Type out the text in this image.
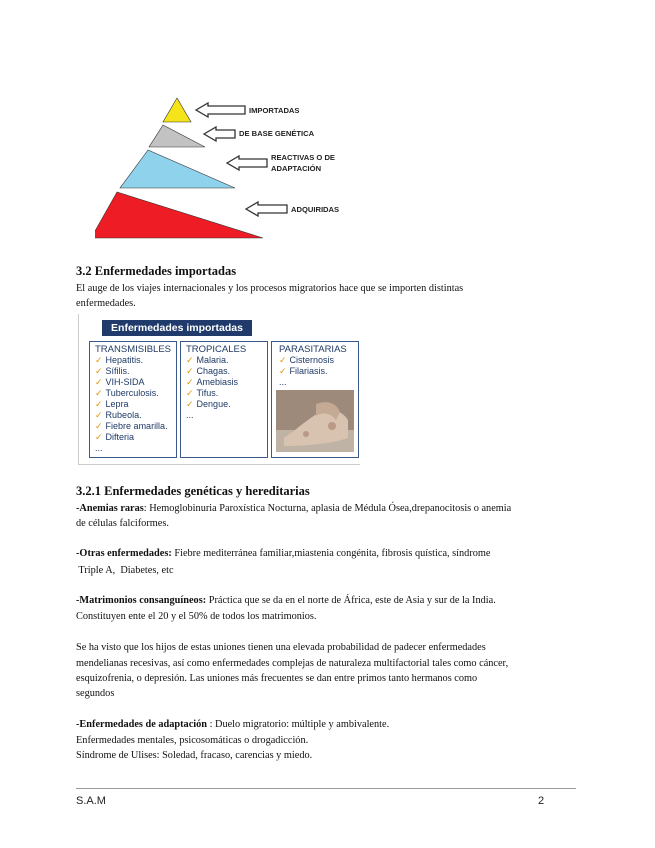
IMPORTADAS
DE BASE GENÉTICA
REACTIVAS O DE
ADAPTACIÓN
ADQUIRIDAS
3.2 Enfermedades importadas
El auge de los viajes internacionales y los procesos migratorios hace que se importen distintas
enfermedades.
Enfermedades importadas
TRANSMISIBLES
✓ Hepatitis.
✓ Sífilis.
✓ VIH-SIDA
✓ Tuberculosis.
✓ Lepra
✓ Rubeola.
✓ Fiebre amarilla.
✓ Difteria
...
TROPICALES
✓ Malaria.
✓ Chagas.
✓ Amebiasis
✓ Tifus.
✓ Dengue.
...
PARASITARIAS
✓ Cisternosis
✓ Filariasis.
...
3.2.1 Enfermedades genéticas y hereditarias
-Anemias raras: Hemoglobinuria Paroxística Nocturna, aplasia de Médula Ósea,drepanocitosis o anemia
de células falciformes.
-Otras enfermedades: Fiebre mediterránea familiar,miastenia congénita, fibrosis quística, síndrome
Triple A,  Diabetes, etc
-Matrimonios consanguíneos: Práctica que se da en el norte de África, este de Asia y sur de la India.
Constituyen ente el 20 y el 50% de todos los matrimonios.
Se ha visto que los hijos de estas uniones tienen una elevada probabilidad de padecer enfermedades
mendelianas recesivas, así como enfermedades complejas de naturaleza multifactorial tales como cáncer,
esquizofrenia, o depresión. Las uniones más frecuentes se dan entre primos tanto hermanos como
segundos
-Enfermedades de adaptación : Duelo migratorio: múltiple y ambivalente.
Enfermedades mentales, psicosomáticas o drogadicción.
Síndrome de Ulises: Soledad, fracaso, carencias y miedo.
S.A.M	2
